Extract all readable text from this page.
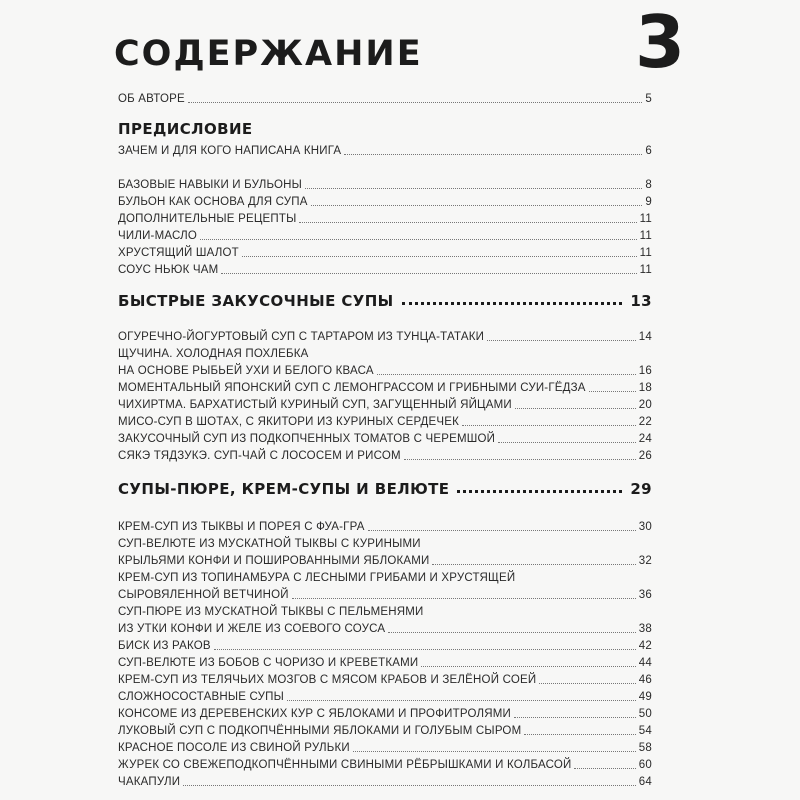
СОДЕРЖАНИЕ	3
ОБ АВТОРЕ	5
ПРЕДИСЛОВИЕ
ЗАЧЕМ И ДЛЯ КОГО НАПИСАНА КНИГА	6
БАЗОВЫЕ НАВЫКИ И БУЛЬОНЫ	8
БУЛЬОН КАК ОСНОВА ДЛЯ СУПА	9
ДОПОЛНИТЕЛЬНЫЕ РЕЦЕПТЫ	11
ЧИЛИ-МАСЛО	11
ХРУСТЯЩИЙ ШАЛОТ	11
СОУС НЬЮК ЧАМ	11
БЫСТРЫЕ ЗАКУСОЧНЫЕ СУПЫ	13
ОГУРЕЧНО-ЙОГУРТОВЫЙ СУП С ТАРТАРОМ ИЗ ТУНЦА-ТАТАКИ	14
ЩУЧИНА. ХОЛОДНАЯ ПОХЛЕБКА
НА ОСНОВЕ РЫБЬЕЙ УХИ И БЕЛОГО КВАСА	16
МОМЕНТАЛЬНЫЙ ЯПОНСКИЙ СУП С ЛЕМОНГРАССОМ И ГРИБНЫМИ СУИ-ГЁДЗА	18
ЧИХИРТМА. БАРХАТИСТЫЙ КУРИНЫЙ СУП, ЗАГУЩЕННЫЙ ЯЙЦАМИ	20
МИСО-СУП В ШОТАХ, С ЯКИТОРИ ИЗ КУРИНЫХ СЕРДЕЧЕК	22
ЗАКУСОЧНЫЙ СУП ИЗ ПОДКОПЧЕННЫХ ТОМАТОВ С ЧЕРЕМШОЙ	24
СЯКЭ ТЯДЗУКЭ. СУП-ЧАЙ С ЛОСОСЕМ И РИСОМ	26
СУПЫ-ПЮРЕ, КРЕМ-СУПЫ И ВЕЛЮТЕ	29
КРЕМ-СУП ИЗ ТЫКВЫ И ПОРЕЯ С ФУА-ГРА	30
СУП-ВЕЛЮТЕ ИЗ МУСКАТНОЙ ТЫКВЫ С КУРИНЫМИ
КРЫЛЬЯМИ КОНФИ И ПОШИРОВАННЫМИ ЯБЛОКАМИ	32
КРЕМ-СУП ИЗ ТОПИНАМБУРА С ЛЕСНЫМИ ГРИБАМИ И ХРУСТЯЩЕЙ
СЫРОВЯЛЕННОЙ ВЕТЧИНОЙ	36
СУП-ПЮРЕ ИЗ МУСКАТНОЙ ТЫКВЫ С ПЕЛЬМЕНЯМИ
ИЗ УТКИ КОНФИ И ЖЕЛЕ ИЗ СОЕВОГО СОУСА	38
БИСК ИЗ РАКОВ	42
СУП-ВЕЛЮТЕ ИЗ БОБОВ С ЧОРИЗО И КРЕВЕТКАМИ	44
КРЕМ-СУП ИЗ ТЕЛЯЧЬИХ МОЗГОВ С МЯСОМ КРАБОВ И ЗЕЛЁНОЙ СОЕЙ	46
СЛОЖНОСОСТАВНЫЕ СУПЫ	49
КОНСОМЕ ИЗ ДЕРЕВЕНСКИХ КУР С ЯБЛОКАМИ И ПРОФИТРОЛЯМИ	50
ЛУКОВЫЙ СУП С ПОДКОПЧЁННЫМИ ЯБЛОКАМИ И ГОЛУБЫМ СЫРОМ	54
КРАСНОЕ ПОСОЛЕ ИЗ СВИНОЙ РУЛЬКИ	58
ЖУРЕК СО СВЕЖЕПОДКОПЧЁННЫМИ СВИНЫМИ РЁБРЫШКАМИ И КОЛБАСОЙ	60
ЧАКАПУЛИ	64
